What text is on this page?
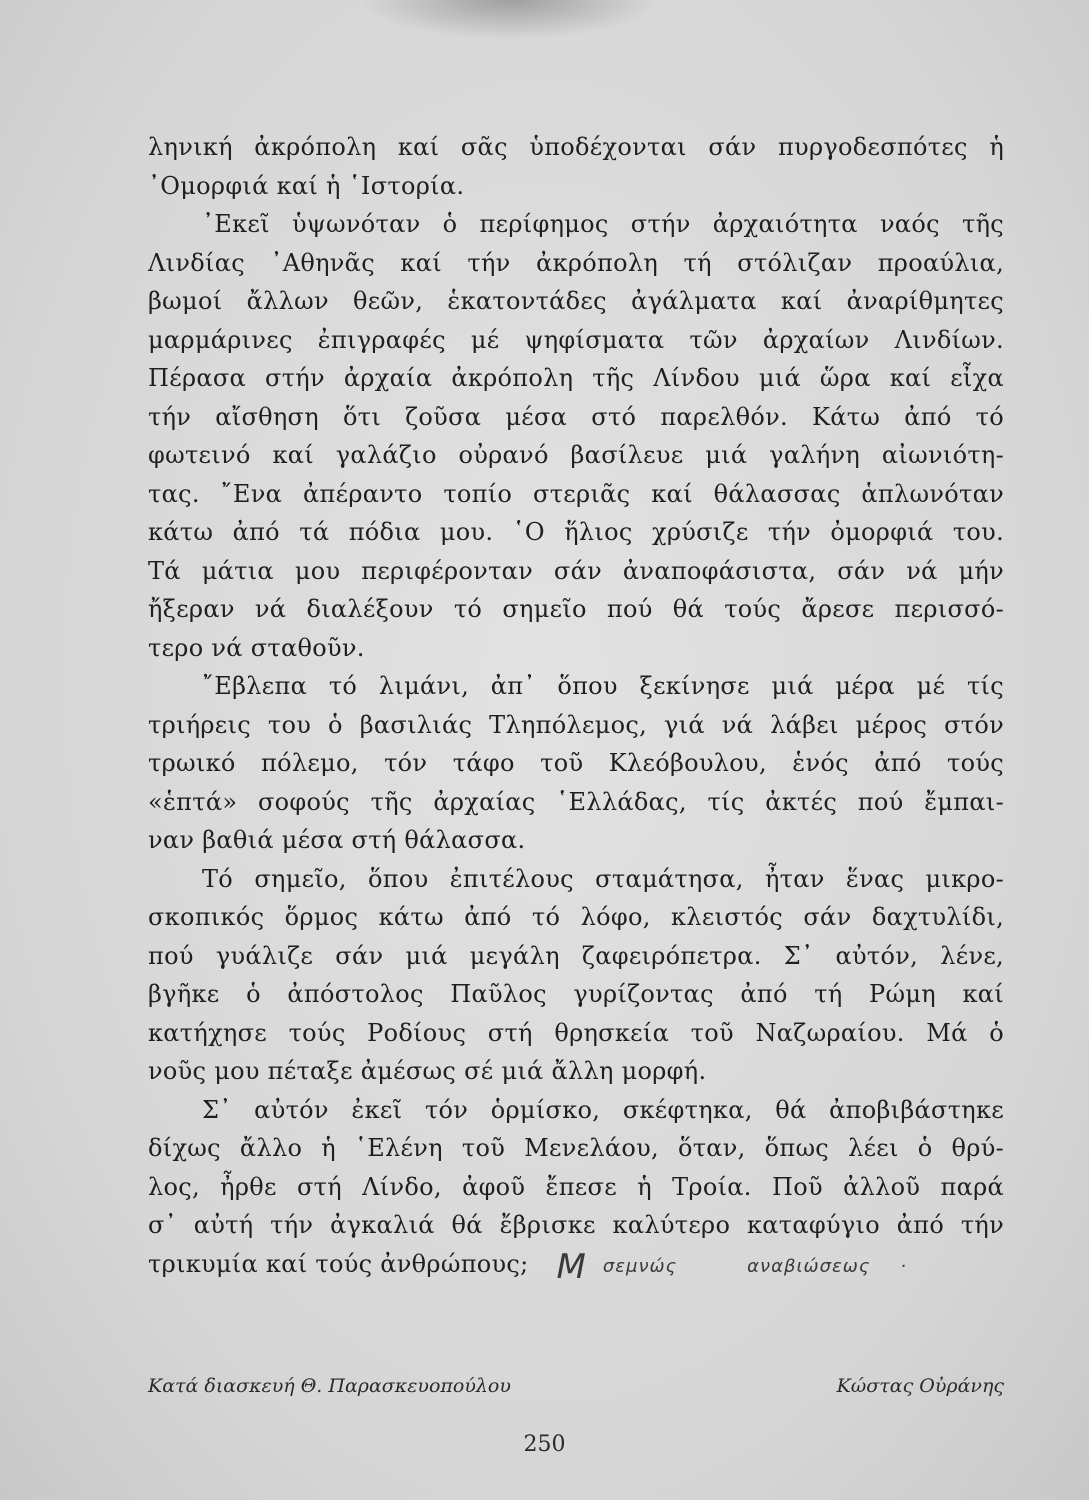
ληνική ἀκρόπολη καί σᾶς ὑποδέχονται σάν πυργοδεσπότες ἡ
᾿Ομορφιά καί ἡ ῾Ιστορία.
᾿Εκεῖ ὑψωνόταν ὁ περίφημος στήν ἀρχαιότητα ναός τῆς
Λινδίας ᾿Αθηνᾶς καί τήν ἀκρόπολη τή στόλιζαν προαύλια,
βωμοί ἄλλων θεῶν, ἑκατοντάδες ἀγάλματα καί ἀναρίθμητες
μαρμάρινες ἐπιγραφές μέ ψηφίσματα τῶν ἀρχαίων Λινδίων.
Πέρασα στήν ἀρχαία ἀκρόπολη τῆς Λίνδου μιά ὥρα καί εἶχα
τήν αἴσθηση ὅτι ζοῦσα μέσα στό παρελθόν. Κάτω ἀπό τό
φωτεινό καί γαλάζιο οὐρανό βασίλευε μιά γαλήνη αἰωνιότη-
τας. ῎Ενα ἀπέραντο τοπίο στεριᾶς καί θάλασσας ἁπλωνόταν
κάτω ἀπό τά πόδια μου. ῾Ο ἥλιος χρύσιζε τήν ὀμορφιά του.
Τά μάτια μου περιφέρονταν σάν ἀναποφάσιστα, σάν νά μήν
ἤξεραν νά διαλέξουν τό σημεῖο πού θά τούς ἄρεσε περισσό-
τερο νά σταθοῦν.
῎Εβλεπα τό λιμάνι, ἀπ᾿ ὅπου ξεκίνησε μιά μέρα μέ τίς
τριήρεις του ὁ βασιλιάς Τληπόλεμος, γιά νά λάβει μέρος στόν
τρωικό πόλεμο, τόν τάφο τοῦ Κλεόβουλου, ἑνός ἀπό τούς
«ἑπτά» σοφούς τῆς ἀρχαίας ῾Ελλάδας, τίς ἀκτές πού ἔμπαι-
ναν βαθιά μέσα στή θάλασσα.
Τό σημεῖο, ὅπου ἐπιτέλους σταμάτησα, ἦταν ἕνας μικρο-
σκοπικός ὅρμος κάτω ἀπό τό λόφο, κλειστός σάν δαχτυλίδι,
πού γυάλιζε σάν μιά μεγάλη ζαφειρόπετρα. Σ᾿ αὐτόν, λένε,
βγῆκε ὁ ἀπόστολος Παῦλος γυρίζοντας ἀπό τή Ρώμη καί
κατήχησε τούς Ροδίους στή θρησκεία τοῦ Ναζωραίου. Μά ὁ
νοῦς μου πέταξε ἀμέσως σέ μιά ἄλλη μορφή.
Σ᾿ αὐτόν ἐκεῖ τόν ὁρμίσκο, σκέφτηκα, θά ἀποβιβάστηκε
δίχως ἄλλο ἡ ῾Ελένη τοῦ Μενελάου, ὅταν, ὅπως λέει ὁ θρύ-
λος, ἦρθε στή Λίνδο, ἀφοῦ ἔπεσε ἡ Τροία. Ποῦ ἀλλοῦ παρά
σ᾿ αὐτή τήν ἀγκαλιά θά ἔβρισκε καλύτερο καταφύγιο ἀπό τήν
τρικυμία καί τούς ἀνθρώπους; M σεμνώς	αναβιώσεως ·
Κατά διασκευή Θ. Παρασκευοπούλου	Κώστας Οὐράνης
250
